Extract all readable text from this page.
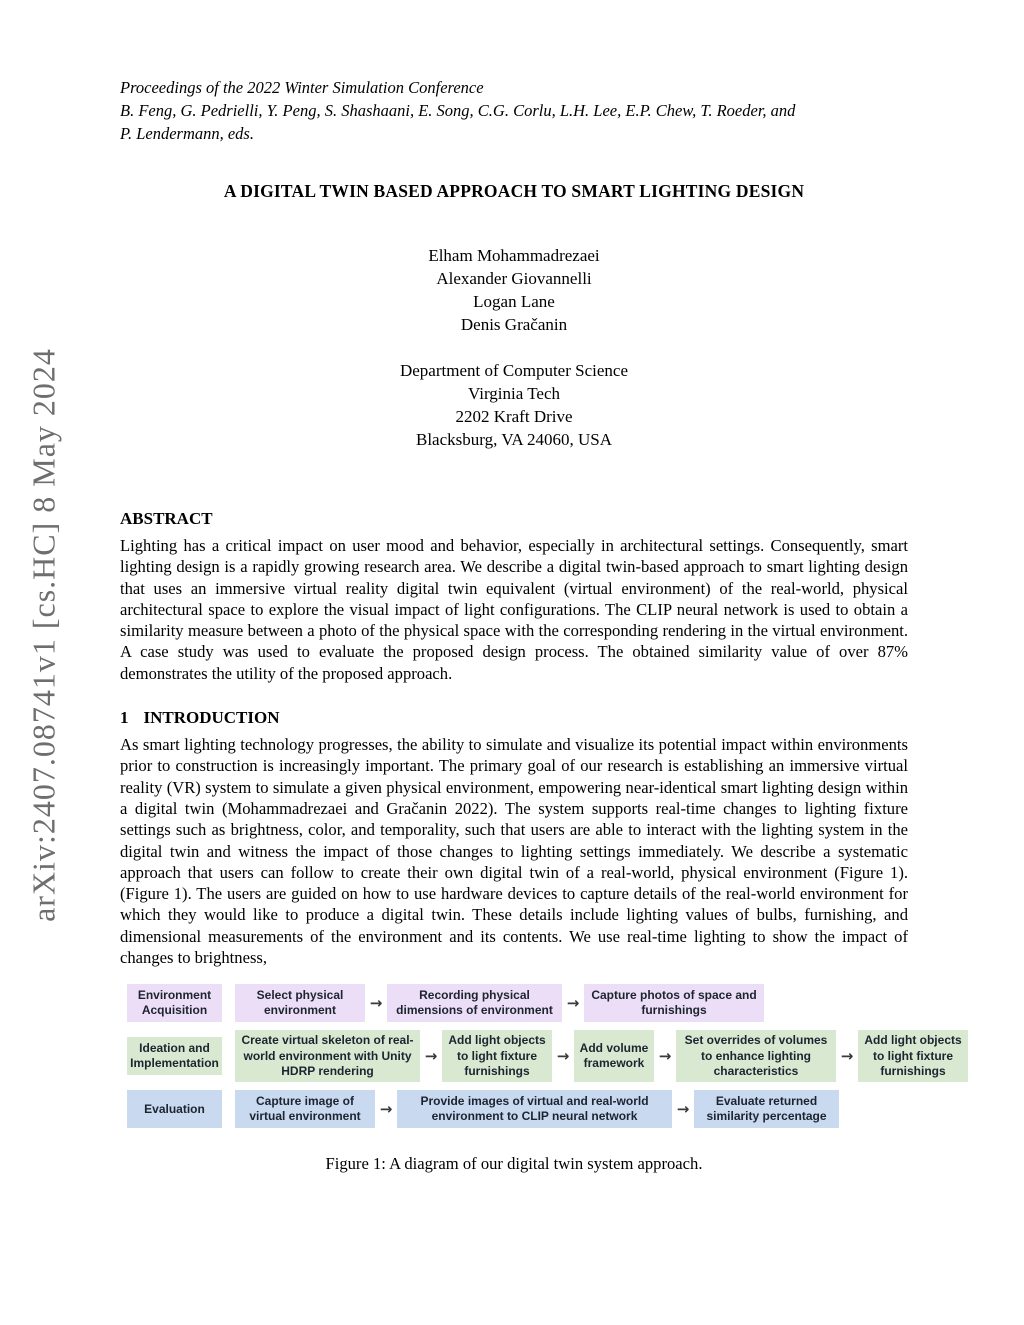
arXiv:2407.08741v1 [cs.HC] 8 May 2024
Proceedings of the 2022 Winter Simulation Conference
B. Feng, G. Pedrielli, Y. Peng, S. Shashaani, E. Song, C.G. Corlu, L.H. Lee, E.P. Chew, T. Roeder, and
P. Lendermann, eds.
A DIGITAL TWIN BASED APPROACH TO SMART LIGHTING DESIGN
Elham Mohammadrezaei
Alexander Giovannelli
Logan Lane
Denis Gračanin
Department of Computer Science
Virginia Tech
2202 Kraft Drive
Blacksburg, VA 24060, USA
ABSTRACT

Lighting has a critical impact on user mood and behavior, especially in architectural settings. Consequently, smart lighting design is a rapidly growing research area. We describe a digital twin-based approach to smart lighting design that uses an immersive virtual reality digital twin equivalent (virtual environment) of the real-world, physical architectural space to explore the visual impact of light configurations. The CLIP neural network is used to obtain a similarity measure between a photo of the physical space with the corresponding rendering in the virtual environment. A case study was used to evaluate the proposed design process. The obtained similarity value of over 87% demonstrates the utility of the proposed approach.

1 INTRODUCTION

As smart lighting technology progresses, the ability to simulate and visualize its potential impact within environments prior to construction is increasingly important. The primary goal of our research is establishing an immersive virtual reality (VR) system to simulate a given physical environment, empowering near-identical smart lighting design within a digital twin (Mohammadrezaei and Gračanin 2022). The system supports real-time changes to lighting fixture settings such as brightness, color, and temporality, such that users are able to interact with the lighting system in the digital twin and witness the impact of those changes to lighting settings immediately. We describe a systematic approach that users can follow to create their own digital twin of a real-world, physical environment (Figure 1). (Figure 1). The users are guided on how to use hardware devices to capture details of the real-world environment for which they would like to produce a digital twin. These details include lighting values of bulbs, furnishing, and dimensional measurements of the environment and its contents. We use real-time lighting to show the impact of changes to brightness,

Environment Acquisition
Select physical environment	→	Recording physical dimensions of environment →	Capture photos of space and furnishings
Ideation and Implementation
Create virtual skeleton of real-world environment with Unity HDRP rendering
→
Add light objects to light fixture furnishings
→ Add volume framework →
Set overrides of volumes to enhance lighting characteristics
→
Add light objects to light fixture furnishings
Evaluation
Capture image of virtual environment	→	Provide images of virtual and real-world environment to CLIP neural network	→	Evaluate returned similarity percentage
Figure 1: A diagram of our digital twin system approach.
